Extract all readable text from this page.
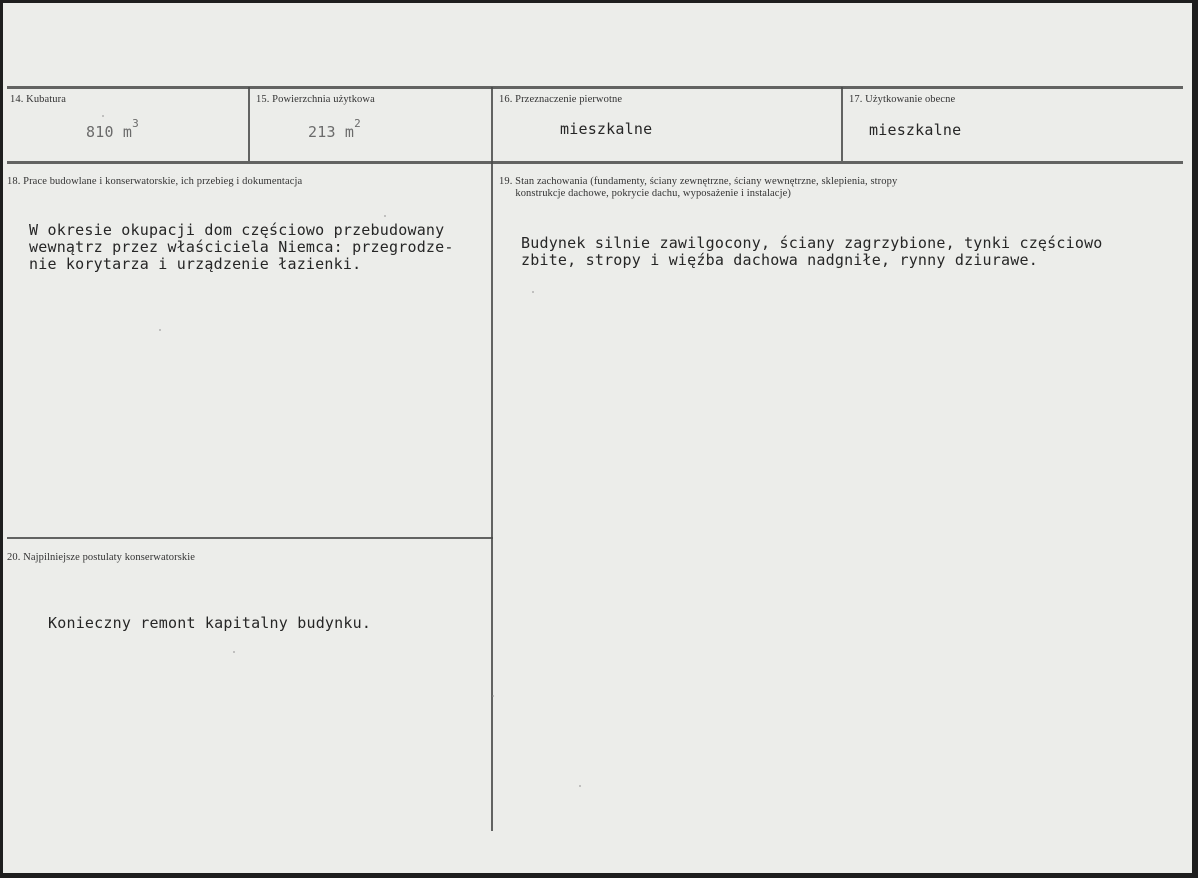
14. Kubatura
810 $m^3$
15. Powierzchnia użytkowa
213 $m^2$
16. Przeznaczenie pierwotne
mieszkalne
17. Użytkowanie obecne
mieszkalne
18. Prace budowlane i konserwatorskie, ich przebieg i dokumentacja
W okresie okupacji dom częściowo przebudowany
wewnątrz przez właściciela Niemca: przegrodze-
nie korytarza i urządzenie łazienki.
19. Stan zachowania (fundamenty, ściany zewnętrzne, ściany wewnętrzne, sklepienia, stropy
konstrukcje dachowe, pokrycie dachu, wyposażenie i instalacje)
Budynek silnie zawilgocony, ściany zagrzybione, tynki częściowo
zbite, stropy i więźba dachowa nadgniłe, rynny dziurawe.
20. Najpilniejsze postulaty konserwatorskie
Konieczny remont kapitalny budynku.
